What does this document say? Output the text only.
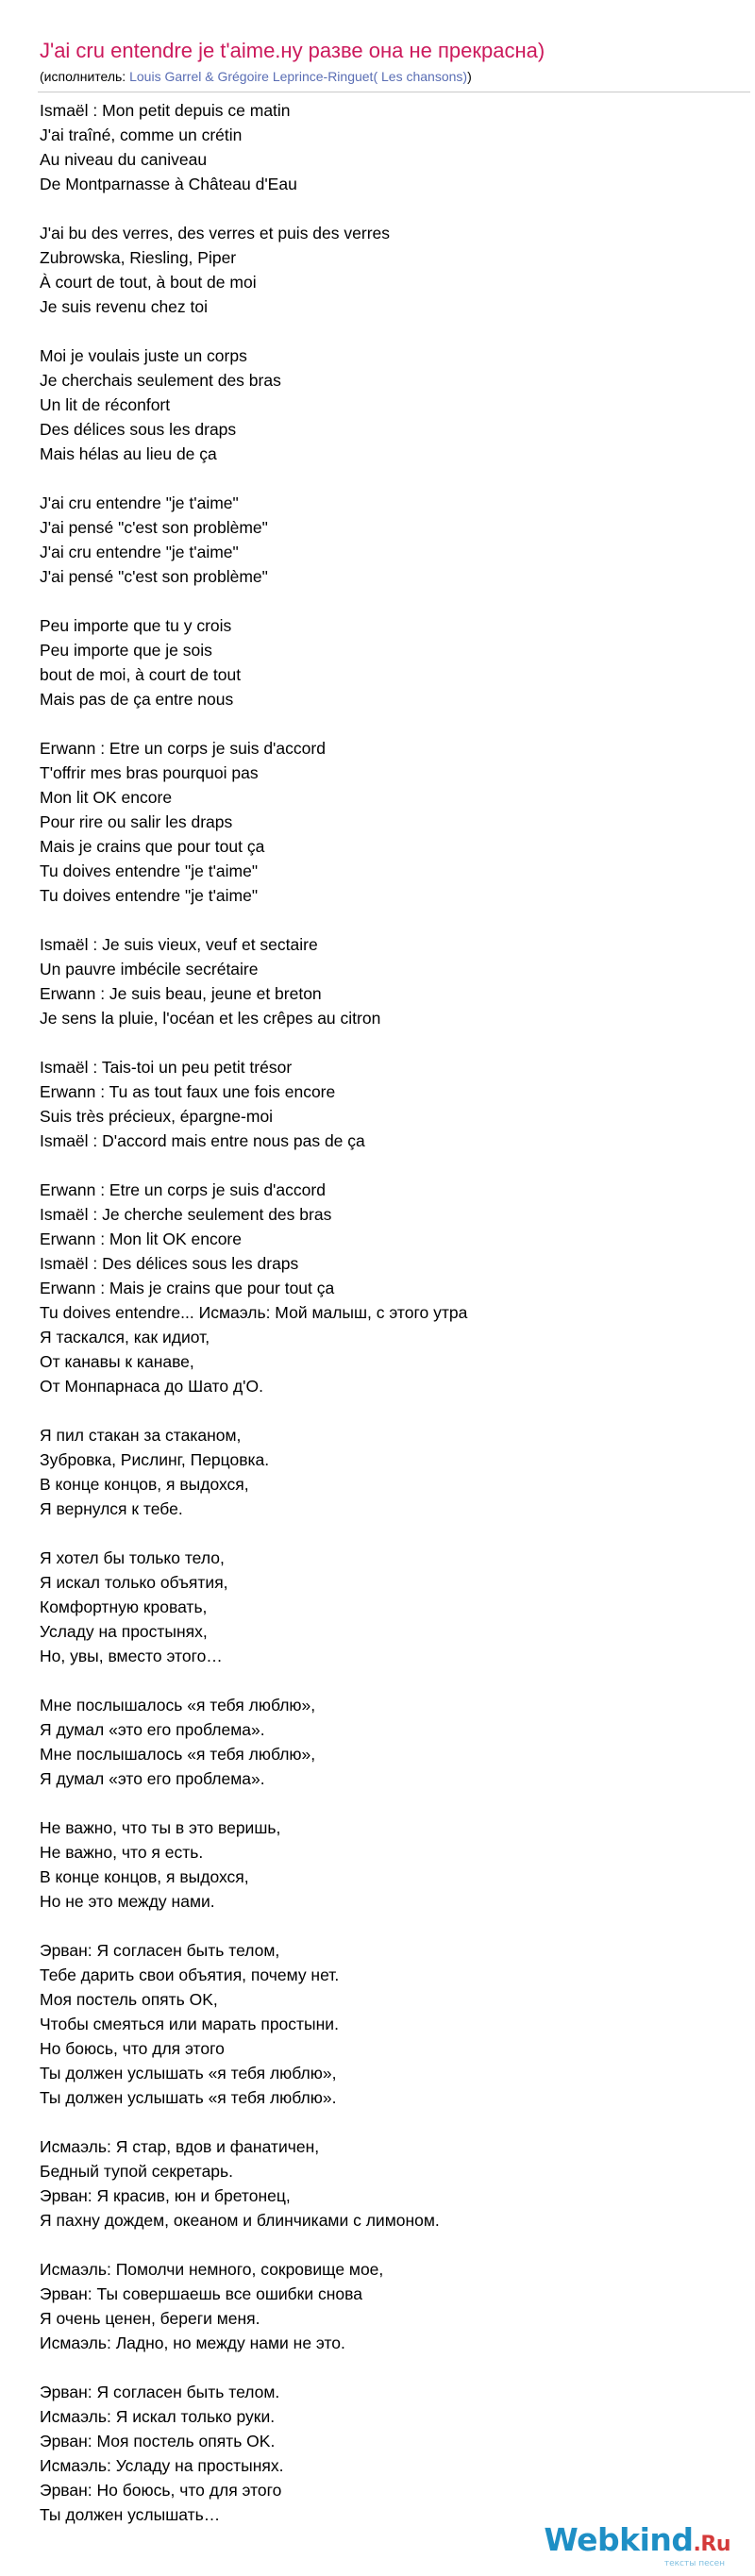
J'ai cru entendre je t'aime.ну разве она не прекрасна)
(исполнитель: Louis Garrel & Grégoire Leprince-Ringuet( Les chansons))
Ismaël : Mon petit depuis ce matin
J'ai traîné, comme un crétin
Au niveau du caniveau
De Montparnasse à Château d'Eau
J'ai bu des verres, des verres et puis des verres
Zubrowska, Riesling, Piper
À court de tout, à bout de moi
Je suis revenu chez toi
Moi je voulais juste un corps
Je cherchais seulement des bras
Un lit de réconfort
Des délices sous les draps
Mais hélas au lieu de ça
J'ai cru entendre "je t'aime"
J'ai pensé "c'est son problème"
J'ai cru entendre "je t'aime"
J'ai pensé "c'est son problème"
Peu importe que tu y crois
Peu importe que je sois
bout de moi, à court de tout
Mais pas de ça entre nous
Erwann : Etre un corps je suis d'accord
T'offrir mes bras pourquoi pas
Mon lit OK encore
Pour rire ou salir les draps
Mais je crains que pour tout ça
Tu doives entendre "je t'aime"
Tu doives entendre "je t'aime"
Ismaël : Je suis vieux, veuf et sectaire
Un pauvre imbécile secrétaire
Erwann : Je suis beau, jeune et breton
Je sens la pluie, l'océan et les crêpes au citron
Ismaël : Tais-toi un peu petit trésor
Erwann : Tu as tout faux une fois encore
Suis très précieux, épargne-moi
Ismaël : D'accord mais entre nous pas de ça
Erwann : Etre un corps je suis d'accord
Ismaël : Je cherche seulement des bras
Erwann : Mon lit OK encore
Ismaël : Des délices sous les draps
Erwann : Mais je crains que pour tout ça
Tu doives entendre... Исмаэль: Мой малыш, с этого утра
Я таскался, как идиот,
От канавы к канаве,
От Монпарнаса до Шато д'О.
Я пил стакан за стаканом,
Зубровка, Рислинг, Перцовка.
В конце концов, я выдохся,
Я вернулся к тебе.
Я хотел бы только тело,
Я искал только объятия,
Комфортную кровать,
Усладу на простынях,
Но, увы, вместо этого…
Мне послышалось «я тебя люблю»,
Я думал «это его проблема».
Мне послышалось «я тебя люблю»,
Я думал «это его проблема».
Не важно, что ты в это веришь,
Не важно, что я есть.
В конце концов, я выдохся,
Но не это между нами.
Эрван: Я согласен быть телом,
Тебе дарить свои объятия, почему нет.
Моя постель опять OK,
Чтобы смеяться или марать простыни.
Но боюсь, что для этого
Ты должен услышать «я тебя люблю»,
Ты должен услышать «я тебя люблю».
Исмаэль: Я стар, вдов и фанатичен,
Бедный тупой секретарь.
Эрван: Я красив, юн и бретонец,
Я пахну дождем, океаном и блинчиками с лимоном.
Исмаэль: Помолчи немного, сокровище мое,
Эрван: Ты совершаешь все ошибки снова
Я очень ценен, береги меня.
Исмаэль: Ладно, но между нами не это.
Эрван: Я согласен быть телом.
Исмаэль: Я искал только руки.
Эрван: Моя постель опять OK.
Исмаэль: Усладу на простынях.
Эрван: Но боюсь, что для этого
Ты должен услышать…
Webkind.Ru
тексты песен
